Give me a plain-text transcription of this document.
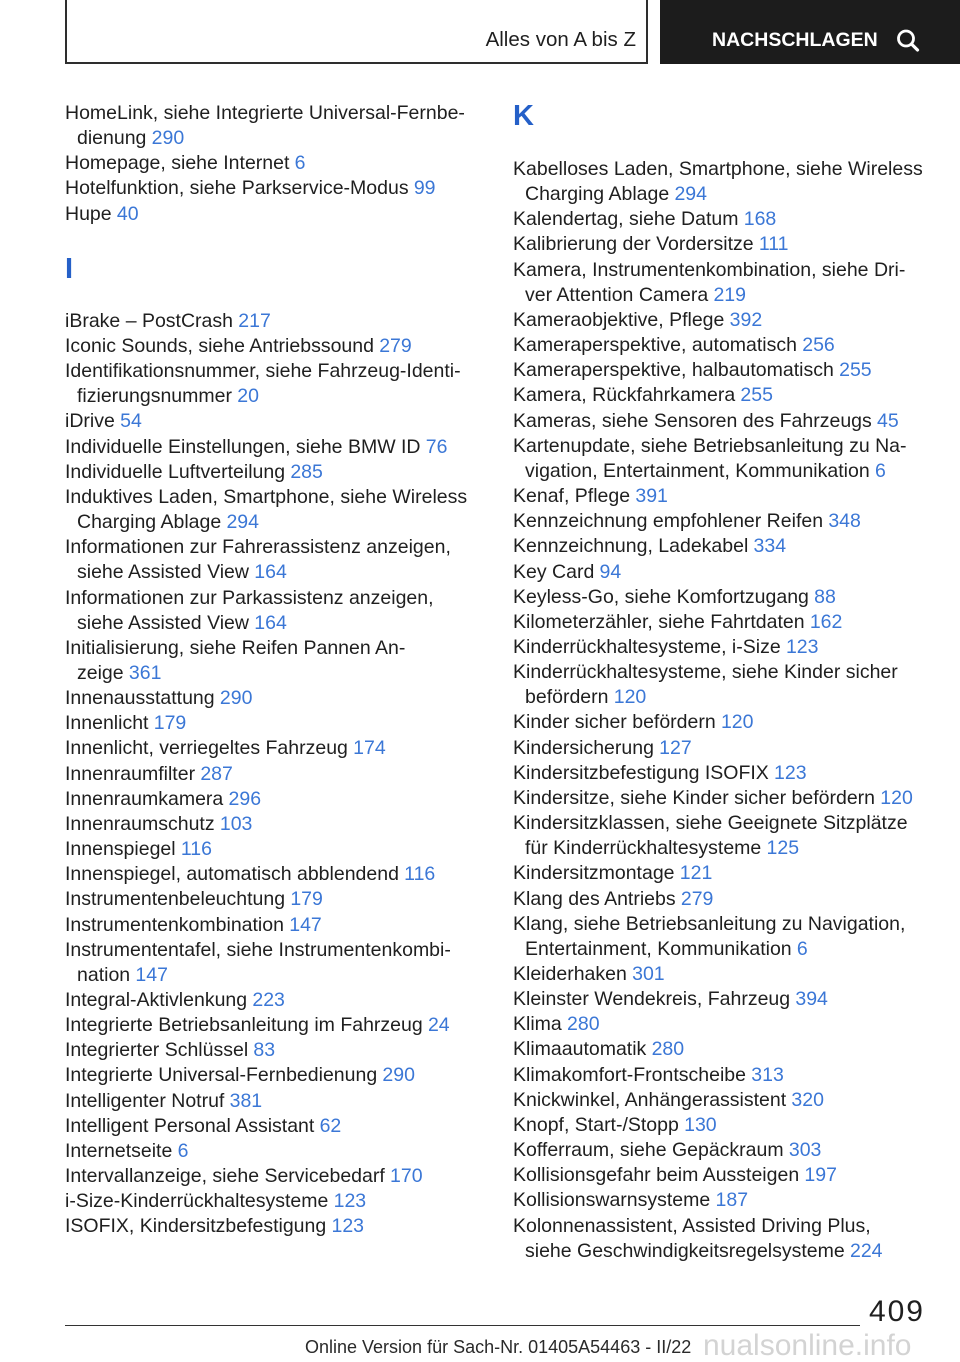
Alles von A bis Z	NACHSCHLAGEN
HomeLink, siehe Integrierte Universal-Fernbe-
dienung 290
Homepage, siehe Internet 6
Hotelfunktion, siehe Parkservice-Modus 99
Hupe 40
I
iBrake – PostCrash 217
Iconic Sounds, siehe Antriebssound 279
Identifikationsnummer, siehe Fahrzeug-Identi-
fizierungsnummer 20
iDrive 54
Individuelle Einstellungen, siehe BMW ID 76
Individuelle Luftverteilung 285
Induktives Laden, Smartphone, siehe Wireless
Charging Ablage 294
Informationen zur Fahrerassistenz anzeigen,
siehe Assisted View 164
Informationen zur Parkassistenz anzeigen,
siehe Assisted View 164
Initialisierung, siehe Reifen Pannen An-
zeige 361
Innenausstattung 290
Innenlicht 179
Innenlicht, verriegeltes Fahrzeug 174
Innenraumfilter 287
Innenraumkamera 296
Innenraumschutz 103
Innenspiegel 116
Innenspiegel, automatisch abblendend 116
Instrumentenbeleuchtung 179
Instrumentenkombination 147
Instrumententafel, siehe Instrumentenkombi-
nation 147
Integral-Aktivlenkung 223
Integrierte Betriebsanleitung im Fahrzeug 24
Integrierter Schlüssel 83
Integrierte Universal-Fernbedienung 290
Intelligenter Notruf 381
Intelligent Personal Assistant 62
Internetseite 6
Intervallanzeige, siehe Servicebedarf 170
i-Size-Kinderrückhaltesysteme 123
ISOFIX, Kindersitzbefestigung 123
K
Kabelloses Laden, Smartphone, siehe Wireless
Charging Ablage 294
Kalendertag, siehe Datum 168
Kalibrierung der Vordersitze 111
Kamera, Instrumentenkombination, siehe Dri-
ver Attention Camera 219
Kameraobjektive, Pflege 392
Kameraperspektive, automatisch 256
Kameraperspektive, halbautomatisch 255
Kamera, Rückfahrkamera 255
Kameras, siehe Sensoren des Fahrzeugs 45
Kartenupdate, siehe Betriebsanleitung zu Na-
vigation, Entertainment, Kommunikation 6
Kenaf, Pflege 391
Kennzeichnung empfohlener Reifen 348
Kennzeichnung, Ladekabel 334
Key Card 94
Keyless-Go, siehe Komfortzugang 88
Kilometerzähler, siehe Fahrtdaten 162
Kinderrückhaltesysteme, i-Size 123
Kinderrückhaltesysteme, siehe Kinder sicher
befördern 120
Kinder sicher befördern 120
Kindersicherung 127
Kindersitzbefestigung ISOFIX 123
Kindersitze, siehe Kinder sicher befördern 120
Kindersitzklassen, siehe Geeignete Sitzplätze
für Kinderrückhaltesysteme 125
Kindersitzmontage 121
Klang des Antriebs 279
Klang, siehe Betriebsanleitung zu Navigation,
Entertainment, Kommunikation 6
Kleiderhaken 301
Kleinster Wendekreis, Fahrzeug 394
Klima 280
Klimaautomatik 280
Klimakomfort-Frontscheibe 313
Knickwinkel, Anhängerassistent 320
Knopf, Start-/Stopp 130
Kofferraum, siehe Gepäckraum 303
Kollisionsgefahr beim Aussteigen 197
Kollisionswarnsysteme 187
Kolonnenassistent, Assisted Driving Plus,
siehe Geschwindigkeitsregelsysteme 224
409
Online Version für Sach-Nr. 01405A54463 - II/22 nualsonline.info
